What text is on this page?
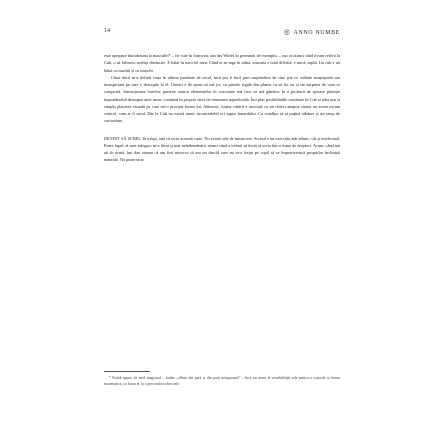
14	◎ ANNO NUMBE

este apropare întotdeauna la masculin* – fie cuie în franceză, sau der Wirfel în germană, de exemplu –, așa că atunci când m-am referit la Cub, o să folosesc același distinctie. E băiat în meu fel meu. Când ei m-inge în mînă, senzatia e total diferită: e mică, suplă. Un cub e un băiat cu muchii și cu mușchi.

Chiar dacă m-a definit viața în ultima jumătate de secol, încă pot fi încă prin surprindere de cine știe ce calitate neașteptată sau insuspiciată pe care o descopăr la el. Uneori e de ajuns să mă joc cu piesele rigide din plastic ca să fiu iar și iar surprins de cum se comportă. Interacțiunea fortelor, puterea tuturor elementelor în coerciune mă face să mă gândesc la o picătură de spicare plutește imponderabil deasupra unei mese, continuă în proprie sferă de tensiunea superficială. Îmi plac posibilitatile continute în Cub și ador pur și simplu placerea visuală pe care mi-o procură forma lui. Adeseori, forma cubică e asociată cu un obiect anapoa căruia nu avem niciun control, cum ar fi zarul. Dar la Cub nu există nimic incontrolabil ori supus hazardului. Cu condiția să ai puțină răbdare și un strop de curiozitate.

DETEST SĂ SCRIU. Și totuși, iată că scriu această carte. Nu există cale de întoarcere. Scrisul e un exercițiu atât tehnic, cât și intelectual. Poate fapul că sunt stângaci m-a făcut și mai neîndemânatic atunci când a trebuit să învăț să scriu într-o lume de dreptaci. Acum, când mă uit în urmă, îmi dau seama că am fost norocos să am un dascăl care nu m-a forțat pe copil să se împotrivească propriilor înclinații naturale. Nu pune nicio

* Rubik spune, în mod magistral – tradus „albuși din pură și din pură nesigurantă” – încă un semn al sensibilității sale pentru a concede și forma matematica, cu bucurie, la a personifica obiectele.
